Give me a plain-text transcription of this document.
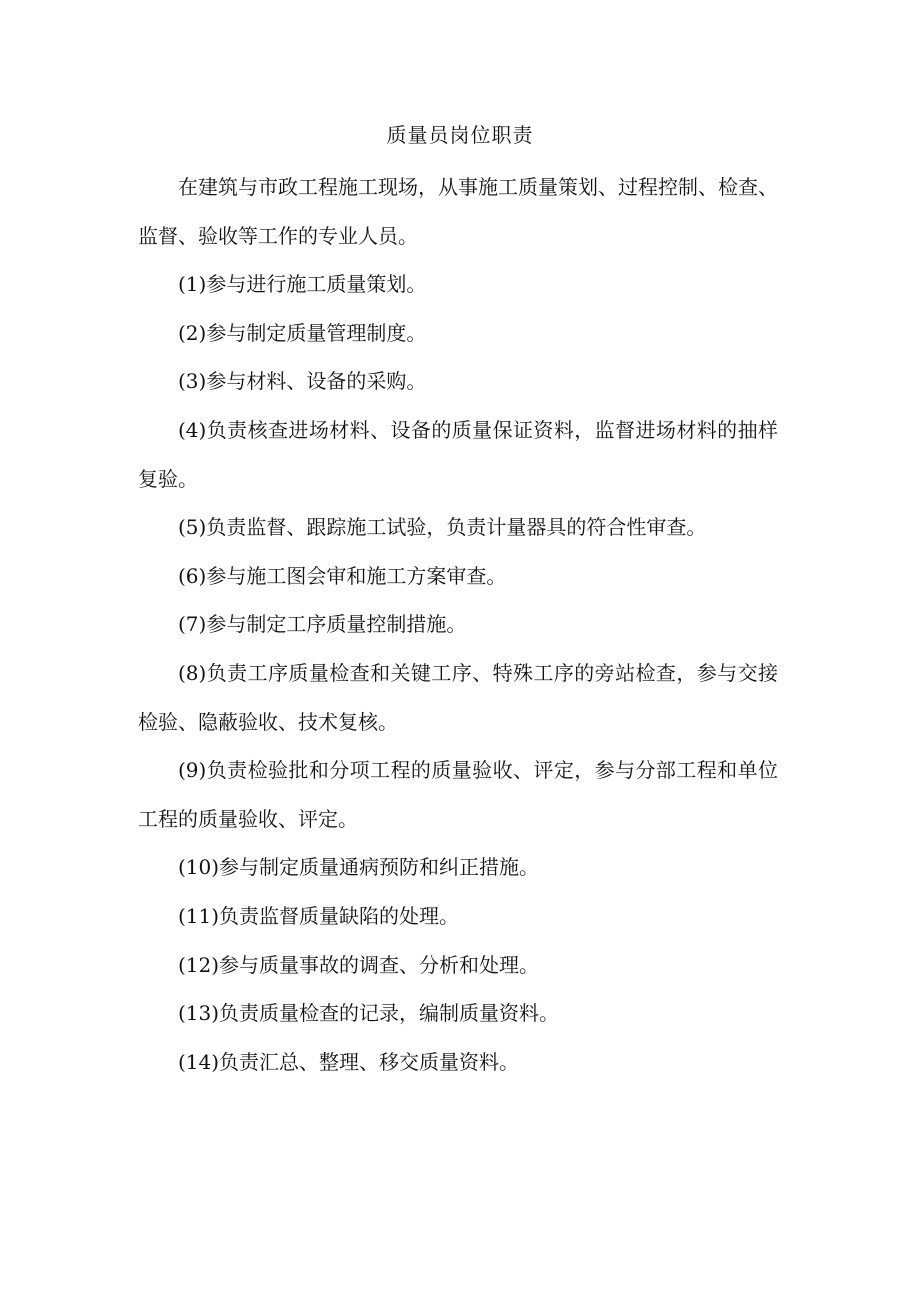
质量员岗位职责

在建筑与市政工程施工现场，从事施工质量策划、过程控制、检查、监督、验收等工作的专业人员。

(1)参与进行施工质量策划。

(2)参与制定质量管理制度。

(3)参与材料、设备的采购。

(4)负责核查进场材料、设备的质量保证资料，监督进场材料的抽样复验。

(5)负责监督、跟踪施工试验，负责计量器具的符合性审查。

(6)参与施工图会审和施工方案审查。

(7)参与制定工序质量控制措施。

(8)负责工序质量检查和关键工序、特殊工序的旁站检查，参与交接检验、隐蔽验收、技术复核。

(9)负责检验批和分项工程的质量验收、评定，参与分部工程和单位工程的质量验收、评定。

(10)参与制定质量通病预防和纠正措施。

(11)负责监督质量缺陷的处理。

(12)参与质量事故的调查、分析和处理。

(13)负责质量检查的记录，编制质量资料。

(14)负责汇总、整理、移交质量资料。
